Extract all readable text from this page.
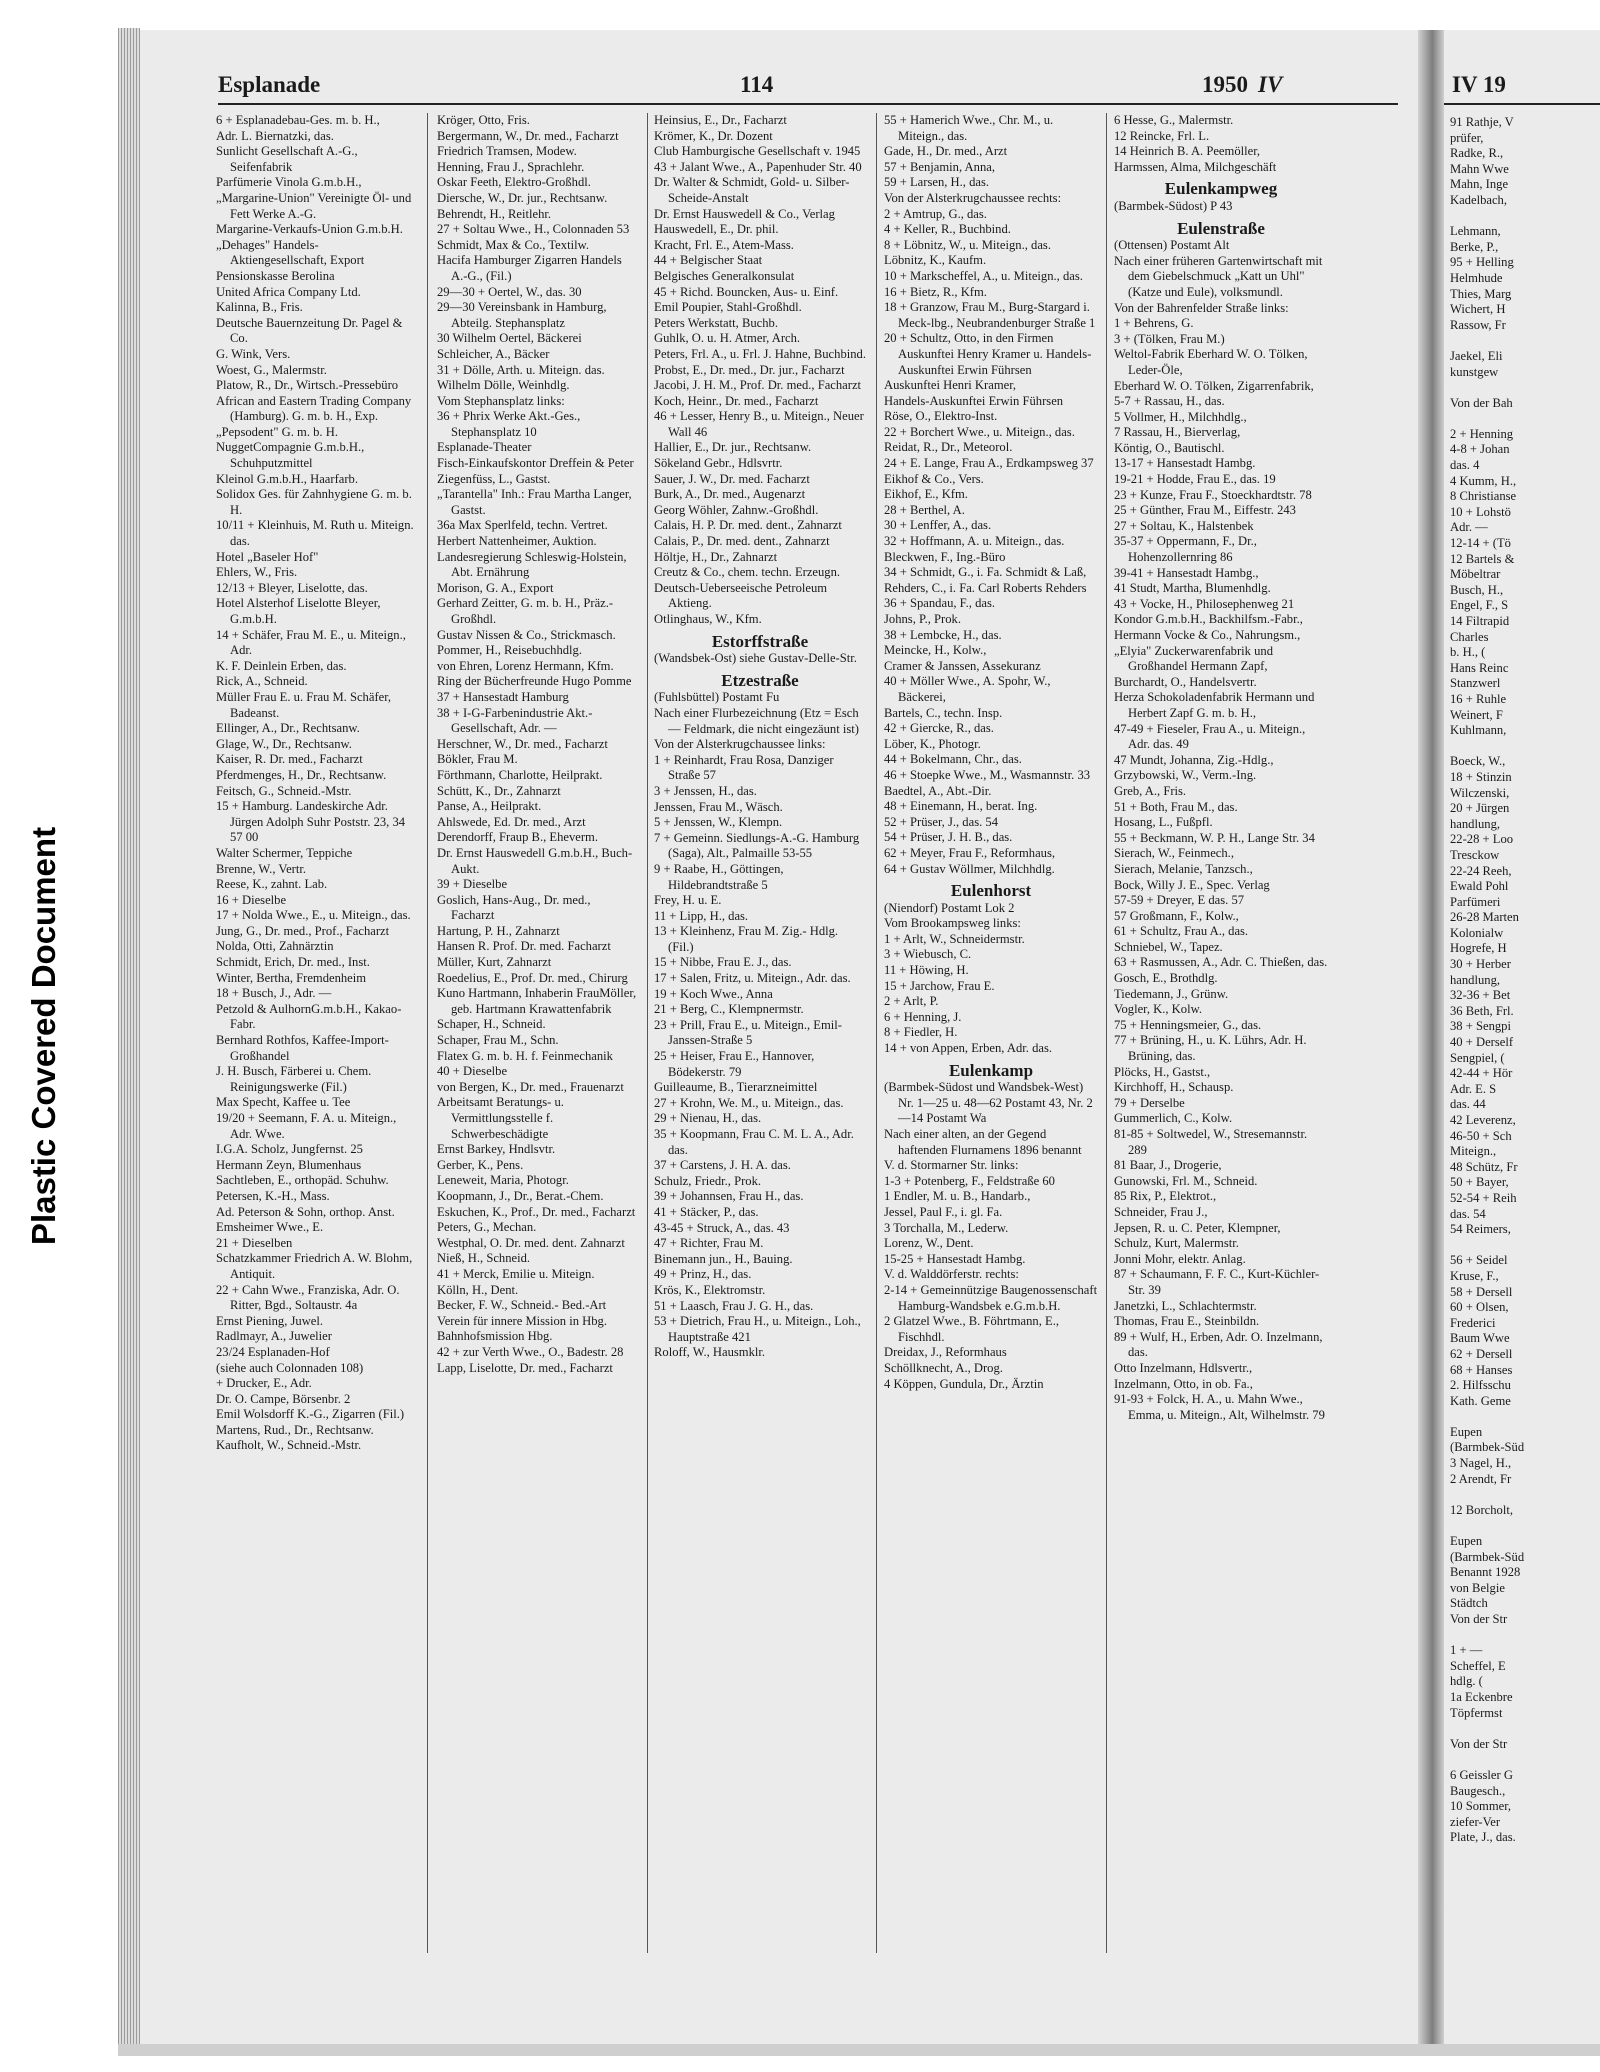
Plastic Covered Document
IV 19
91 Rathje, V
prüfer,
Radke, R.,
Mahn Wwe
Mahn, Inge
Kadelbach,

Lehmann,
Berke, P.,
95 + Helling
Helmhude
Thies, Marg
Wichert, H
Rassow, Fr

Jaekel, Eli
kunstgew

Von der Bah

2 + Henning
4-8 + Johan
das. 4
4 Kumm, H.,
8 Christianse
10 + Lohstö
Adr. —
12-14 + (Tö
12 Bartels &
Möbeltrar
Busch, H.,
Engel, F., S
14 Filtrapid
Charles
b. H., (
Hans Reinc
Stanzwerl
16 + Ruhle
Weinert, F
Kuhlmann,

Boeck, W.,
18 + Stinzin
Wilczenski,
20 + Jürgen
handlung,
22-28 + Loo
Tresckow
22-24 Reeh,
Ewald Pohl
Parfümeri
26-28 Marten
Kolonialw
Hogrefe, H
30 + Herber
handlung,
32-36 + Bet
36 Beth, Frl.
38 + Sengpi
40 + Derself
Sengpiel, (
42-44 + Hör
Adr. E. S
das. 44
42 Leverenz,
46-50 + Sch
Miteign.,
48 Schütz, Fr
50 + Bayer,
52-54 + Reih
das. 54
54 Reimers,

56 + Seidel
Kruse, F.,
58 + Dersell
60 + Olsen,
Frederici
Baum Wwe
62 + Dersell
68 + Hanses
2. Hilfsschu
Kath. Geme

Eupen
(Barmbek-Süd
3 Nagel, H.,
2 Arendt, Fr

12 Borcholt,

Eupen
(Barmbek-Süd
Benannt 1928
von Belgie
Städtch
Von der Str

1 + —
Scheffel, E
hdlg. (
1a Eckenbre
Töpfermst

Von der Str

6 Geissler G
Baugesch.,
10 Sommer,
ziefer-Ver
Plate, J., das.
Esplanade	114	1950 IV
6 + Esplanadebau-Ges. m. b. H.,
Adr. L. Biernatzki, das.
Sunlicht Gesellschaft A.-G., Seifenfabrik
Parfümerie Vinola G.m.b.H.,
„Margarine-Union" Vereinigte Öl- und Fett Werke A.-G.
Margarine-Verkaufs-Union G.m.b.H.
„Dehages" Handels-Aktiengesellschaft, Export
Pensionskasse Berolina
United Africa Company Ltd.
Kalinna, B., Fris.
Deutsche Bauernzeitung Dr. Pagel & Co.
G. Wink, Vers.
Woest, G., Malermstr.
Platow, R., Dr., Wirtsch.-Pressebüro
African and Eastern Trading Company (Hamburg). G. m. b. H., Exp.
„Pepsodent" G. m. b. H.
NuggetCompagnie G.m.b.H., Schuhputzmittel
Kleinol G.m.b.H., Haarfarb.
Solidox Ges. für Zahnhygiene G. m. b. H.
10/11 + Kleinhuis, M. Ruth u. Miteign. das.
Hotel „Baseler Hof"
Ehlers, W., Fris.
12/13 + Bleyer, Liselotte, das.
Hotel Alsterhof Liselotte Bleyer, G.m.b.H.
14 + Schäfer, Frau M. E., u. Miteign., Adr.
K. F. Deinlein Erben, das.
Rick, A., Schneid.
Müller Frau E. u. Frau M. Schäfer, Badeanst.
Ellinger, A., Dr., Rechtsanw.
Glage, W., Dr., Rechtsanw.
Kaiser, R. Dr. med., Facharzt
Pferdmenges, H., Dr., Rechtsanw.
Feitsch, G., Schneid.-Mstr.
15 + Hamburg. Landeskirche Adr. Jürgen Adolph Suhr Poststr. 23, 34 57 00
Walter Schermer, Teppiche
Brenne, W., Vertr.
Reese, K., zahnt. Lab.
16 + Dieselbe
17 + Nolda Wwe., E., u. Miteign., das.
Jung, G., Dr. med., Prof., Facharzt
Nolda, Otti, Zahnärztin
Schmidt, Erich, Dr. med., Inst.
Winter, Bertha, Fremdenheim
18 + Busch, J., Adr. —
Petzold & AulhornG.m.b.H., Kakao-Fabr.
Bernhard Rothfos, Kaffee-Import-Großhandel
J. H. Busch, Färberei u. Chem. Reinigungswerke (Fil.)
Max Specht, Kaffee u. Tee
19/20 + Seemann, F. A. u. Miteign., Adr. Wwe.
I.G.A. Scholz, Jungfernst. 25
Hermann Zeyn, Blumenhaus
Sachtleben, E., orthopäd. Schuhw.
Petersen, K.-H., Mass.
Ad. Peterson & Sohn, orthop. Anst.
Emsheimer Wwe., E.
21 + Dieselben
Schatzkammer Friedrich A. W. Blohm, Antiquit.
22 + Cahn Wwe., Franziska, Adr. O. Ritter, Bgd., Soltaustr. 4a
Ernst Piening, Juwel.
Radlmayr, A., Juwelier
23/24 Esplanaden-Hof
(siehe auch Colonnaden 108)
+ Drucker, E., Adr.
Dr. O. Campe, Börsenbr. 2
Emil Wolsdorff K.-G., Zigarren (Fil.)
Martens, Rud., Dr., Rechtsanw.
Kaufholt, W., Schneid.-Mstr.
Kröger, Otto, Fris.
Bergermann, W., Dr. med., Facharzt
Friedrich Tramsen, Modew.
Henning, Frau J., Sprachlehr.
Oskar Feeth, Elektro-Großhdl.
Diersche, W., Dr. jur., Rechtsanw.
Behrendt, H., Reitlehr.
27 + Soltau Wwe., H., Colonnaden 53
Schmidt, Max & Co., Textilw.
Hacifa Hamburger Zigarren Handels A.-G., (Fil.)
29—30 + Oertel, W., das. 30
29—30 Vereinsbank in Hamburg, Abteilg. Stephansplatz
30 Wilhelm Oertel, Bäckerei
Schleicher, A., Bäcker
31 + Dölle, Arth. u. Miteign. das.
Wilhelm Dölle, Weinhdlg.
Vom Stephansplatz links:
36 + Phrix Werke Akt.-Ges., Stephansplatz 10
Esplanade-Theater
Fisch-Einkaufskontor Dreffein & Peter
Ziegenfüss, L., Gastst.
„Tarantella" Inh.: Frau Martha Langer, Gastst.
36a Max Sperlfeld, techn. Vertret.
Herbert Nattenheimer, Auktion.
Landesregierung Schleswig-Holstein, Abt. Ernährung
Morison, G. A., Export
Gerhard Zeitter, G. m. b. H., Präz.-Großhdl.
Gustav Nissen & Co., Strickmasch.
Pommer, H., Reisebuchhdlg.
von Ehren, Lorenz Hermann, Kfm.
Ring der Bücherfreunde Hugo Pomme
37 + Hansestadt Hamburg
38 + I-G-Farbenindustrie Akt.-Gesellschaft, Adr. —
Herschner, W., Dr. med., Facharzt
Bökler, Frau M.
Förthmann, Charlotte, Heilprakt.
Schütt, K., Dr., Zahnarzt
Panse, A., Heilprakt.
Ahlswede, Ed. Dr. med., Arzt
Derendorff, Fraup B., Eheverm.
Dr. Ernst Hauswedell G.m.b.H., Buch-Aukt.
39 + Dieselbe
Goslich, Hans-Aug., Dr. med., Facharzt
Hartung, P. H., Zahnarzt
Hansen R. Prof. Dr. med. Facharzt
Müller, Kurt, Zahnarzt
Roedelius, E., Prof. Dr. med., Chirurg
Kuno Hartmann, Inhaberin FrauMöller, geb. Hartmann Krawattenfabrik
Schaper, H., Schneid.
Schaper, Frau M., Schn.
Flatex G. m. b. H. f. Feinmechanik
40 + Dieselbe
von Bergen, K., Dr. med., Frauenarzt
Arbeitsamt Beratungs- u. Vermittlungsstelle f. Schwerbeschädigte
Ernst Barkey, Hndlsvtr.
Gerber, K., Pens.
Leneweit, Maria, Photogr.
Koopmann, J., Dr., Berat.-Chem.
Eskuchen, K., Prof., Dr. med., Facharzt
Peters, G., Mechan.
Westphal, O. Dr. med. dent. Zahnarzt
Nieß, H., Schneid.
41 + Merck, Emilie u. Miteign.
Kölln, H., Dent.
Becker, F. W., Schneid.- Bed.-Art
Verein für innere Mission in Hbg.
Bahnhofsmission Hbg.
42 + zur Verth Wwe., O., Badestr. 28
Lapp, Liselotte, Dr. med., Facharzt
Heinsius, E., Dr., Facharzt
Krömer, K., Dr. Dozent
Club Hamburgische Gesellschaft v. 1945
43 + Jalant Wwe., A., Papenhuder Str. 40
Dr. Walter & Schmidt, Gold- u. Silber-Scheide-Anstalt
Dr. Ernst Hauswedell & Co., Verlag
Hauswedell, E., Dr. phil.
Kracht, Frl. E., Atem-Mass.
44 + Belgischer Staat
Belgisches Generalkonsulat
45 + Richd. Bouncken, Aus- u. Einf.
Emil Poupier, Stahl-Großhdl.
Peters Werkstatt, Buchb.
Guhlk, O. u. H. Atmer, Arch.
Peters, Frl. A., u. Frl. J. Hahne, Buchbind.
Probst, E., Dr. med., Dr. jur., Facharzt
Jacobi, J. H. M., Prof. Dr. med., Facharzt
Koch, Heinr., Dr. med., Facharzt
46 + Lesser, Henry B., u. Miteign., Neuer Wall 46
Hallier, E., Dr. jur., Rechtsanw.
Sökeland Gebr., Hdlsvrtr.
Sauer, J. W., Dr. med. Facharzt
Burk, A., Dr. med., Augenarzt
Georg Wöhler, Zahnw.-Großhdl.
Calais, H. P. Dr. med. dent., Zahnarzt
Calais, P., Dr. med. dent., Zahnarzt
Höltje, H., Dr., Zahnarzt
Creutz & Co., chem. techn. Erzeugn.
Deutsch-Ueberseeische Petroleum Aktieng.
Otlinghaus, W., Kfm.
Estorffstraße
(Wandsbek-Ost) siehe Gustav-Delle-Str.
Etzestraße
(Fuhlsbüttel) Postamt Fu
Nach einer Flurbezeichnung (Etz = Esch — Feldmark, die nicht eingezäunt ist)
Von der Alsterkrugchaussee links:
1 + Reinhardt, Frau Rosa, Danziger Straße 57
3 + Jenssen, H., das.
Jenssen, Frau M., Wäsch.
5 + Jenssen, W., Klempn.
7 + Gemeinn. Siedlungs-A.-G. Hamburg (Saga), Alt., Palmaille 53-55
9 + Raabe, H., Göttingen, Hildebrandtstraße 5
Frey, H. u. E.
11 + Lipp, H., das.
13 + Kleinhenz, Frau M. Zig.- Hdlg. (Fil.)
15 + Nibbe, Frau E. J., das.
17 + Salen, Fritz, u. Miteign., Adr. das.
19 + Koch Wwe., Anna
21 + Berg, C., Klempnermstr.
23 + Prill, Frau E., u. Miteign., Emil-Janssen-Straße 5
25 + Heiser, Frau E., Hannover, Bödekerstr. 79
Guilleaume, B., Tierarzneimittel
27 + Krohn, We. M., u. Miteign., das.
29 + Nienau, H., das.
35 + Koopmann, Frau C. M. L. A., Adr. das.
37 + Carstens, J. H. A. das.
Schulz, Friedr., Prok.
39 + Johannsen, Frau H., das.
41 + Stäcker, P., das.
43-45 + Struck, A., das. 43
47 + Richter, Frau M.
Binemann jun., H., Bauing.
49 + Prinz, H., das.
Krös, K., Elektromstr.
51 + Laasch, Frau J. G. H., das.
53 + Dietrich, Frau H., u. Miteign., Loh., Hauptstraße 421
Roloff, W., Hausmklr.
55 + Hamerich Wwe., Chr. M., u. Miteign., das.
Gade, H., Dr. med., Arzt
57 + Benjamin, Anna,
59 + Larsen, H., das.
Von der Alsterkrugchaussee rechts:
2 + Amtrup, G., das.
4 + Keller, R., Buchbind.
8 + Löbnitz, W., u. Miteign., das.
Löbnitz, K., Kaufm.
10 + Markscheffel, A., u. Miteign., das.
16 + Bietz, R., Kfm.
18 + Granzow, Frau M., Burg-Stargard i. Meck-lbg., Neubrandenburger Straße 1
20 + Schultz, Otto, in den Firmen Auskunftei Henry Kramer u. Handels-Auskunftei Erwin Führsen
Auskunftei Henri Kramer,
Handels-Auskunftei Erwin Führsen
Röse, O., Elektro-Inst.
22 + Borchert Wwe., u. Miteign., das.
Reidat, R., Dr., Meteorol.
24 + E. Lange, Frau A., Erdkampsweg 37
Eikhof & Co., Vers.
Eikhof, E., Kfm.
28 + Berthel, A.
30 + Lenffer, A., das.
32 + Hoffmann, A. u. Miteign., das.
Bleckwen, F., Ing.-Büro
34 + Schmidt, G., i. Fa. Schmidt & Laß,
Rehders, C., i. Fa. Carl Roberts Rehders
36 + Spandau, F., das.
Johns, P., Prok.
38 + Lembcke, H., das.
Meincke, H., Kolw.,
Cramer & Janssen, Assekuranz
40 + Möller Wwe., A. Spohr, W., Bäckerei,
Bartels, C., techn. Insp.
42 + Giercke, R., das.
Löber, K., Photogr.
44 + Bokelmann, Chr., das.
46 + Stoepke Wwe., M., Wasmannstr. 33
Baedtel, A., Abt.-Dir.
48 + Einemann, H., berat. Ing.
52 + Prüser, J., das. 54
54 + Prüser, J. H. B., das.
62 + Meyer, Frau F., Reformhaus,
64 + Gustav Wöllmer, Milchhdlg.
Eulenhorst
(Niendorf) Postamt Lok 2
Vom Brookampsweg links:
1 + Arlt, W., Schneidermstr.
3 + Wiebusch, C.
11 + Höwing, H.
15 + Jarchow, Frau E.
2 + Arlt, P.
6 + Henning, J.
8 + Fiedler, H.
14 + von Appen, Erben, Adr. das.
Eulenkamp
(Barmbek-Südost und Wandsbek-West) Nr. 1—25 u. 48—62 Postamt 43, Nr. 2—14 Postamt Wa
Nach einer alten, an der Gegend haftenden Flurnamens 1896 benannt
V. d. Stormarner Str. links:
1-3 + Potenberg, F., Feldstraße 60
1 Endler, M. u. B., Handarb.,
Jessel, Paul F., i. gl. Fa.
3 Torchalla, M., Lederw.
Lorenz, W., Dent.
15-25 + Hansestadt Hambg.
V. d. Walddörferstr. rechts:
2-14 + Gemeinnützige Baugenossenschaft Hamburg-Wandsbek e.G.m.b.H.
2 Glatzel Wwe., B. Föhrtmann, E., Fischhdl.
Dreidax, J., Reformhaus
Schöllknecht, A., Drog.
4 Köppen, Gundula, Dr., Ärztin
6 Hesse, G., Malermstr.
12 Reincke, Frl. L.
14 Heinrich B. A. Peemöller,
Harmssen, Alma, Milchgeschäft
Eulenkampweg
(Barmbek-Südost) P 43
Eulenstraße
(Ottensen) Postamt Alt
Nach einer früheren Gartenwirtschaft mit dem Giebelschmuck „Katt un Uhl" (Katze und Eule), volksmundl.
Von der Bahrenfelder Straße links:
1 + Behrens, G.
3 + (Tölken, Frau M.)
Weltol-Fabrik Eberhard W. O. Tölken, Leder-Öle,
Eberhard W. O. Tölken, Zigarrenfabrik,
5-7 + Rassau, H., das.
5 Vollmer, H., Milchhdlg.,
7 Rassau, H., Bierverlag,
Köntig, O., Bautischl.
13-17 + Hansestadt Hambg.
19-21 + Hodde, Frau E., das. 19
23 + Kunze, Frau F., Stoeckhardtstr. 78
25 + Günther, Frau M., Eiffestr. 243
27 + Soltau, K., Halstenbek
35-37 + Oppermann, F., Dr., Hohenzollernring 86
39-41 + Hansestadt Hambg.,
41 Studt, Martha, Blumenhdlg.
43 + Vocke, H., Philosephenweg 21
Kondor G.m.b.H., Backhilfsm.-Fabr.,
Hermann Vocke & Co., Nahrungsm.,
„Elyia" Zuckerwarenfabrik und Großhandel Hermann Zapf,
Burchardt, O., Handelsvertr.
Herza Schokoladenfabrik Hermann und Herbert Zapf G. m. b. H.,
47-49 + Fieseler, Frau A., u. Miteign., Adr. das. 49
47 Mundt, Johanna, Zig.-Hdlg.,
Grzybowski, W., Verm.-Ing.
Greb, A., Fris.
51 + Both, Frau M., das.
Hosang, L., Fußpfl.
55 + Beckmann, W. P. H., Lange Str. 34
Sierach, W., Feinmech.,
Sierach, Melanie, Tanzsch.,
Bock, Willy J. E., Spec. Verlag
57-59 + Dreyer, E das. 57
57 Großmann, F., Kolw.,
61 + Schultz, Frau A., das.
Schniebel, W., Tapez.
63 + Rasmussen, A., Adr. C. Thießen, das.
Gosch, E., Brothdlg.
Tiedemann, J., Grünw.
Vogler, K., Kolw.
75 + Henningsmeier, G., das.
77 + Brüning, H., u. K. Lührs, Adr. H. Brüning, das.
Plöcks, H., Gastst.,
Kirchhoff, H., Schausp.
79 + Derselbe
Gummerlich, C., Kolw.
81-85 + Soltwedel, W., Stresemannstr. 289
81 Baar, J., Drogerie,
Gunowski, Frl. M., Schneid.
85 Rix, P., Elektrot.,
Schneider, Frau J.,
Jepsen, R. u. C. Peter, Klempner,
Schulz, Kurt, Malermstr.
Jonni Mohr, elektr. Anlag.
87 + Schaumann, F. F. C., Kurt-Küchler-Str. 39
Janetzki, L., Schlachtermstr.
Thomas, Frau E., Steinbildn.
89 + Wulf, H., Erben, Adr. O. Inzelmann, das.
Otto Inzelmann, Hdlsvertr.,
Inzelmann, Otto, in ob. Fa.,
91-93 + Folck, H. A., u. Mahn Wwe., Emma, u. Miteign., Alt, Wilhelmstr. 79
